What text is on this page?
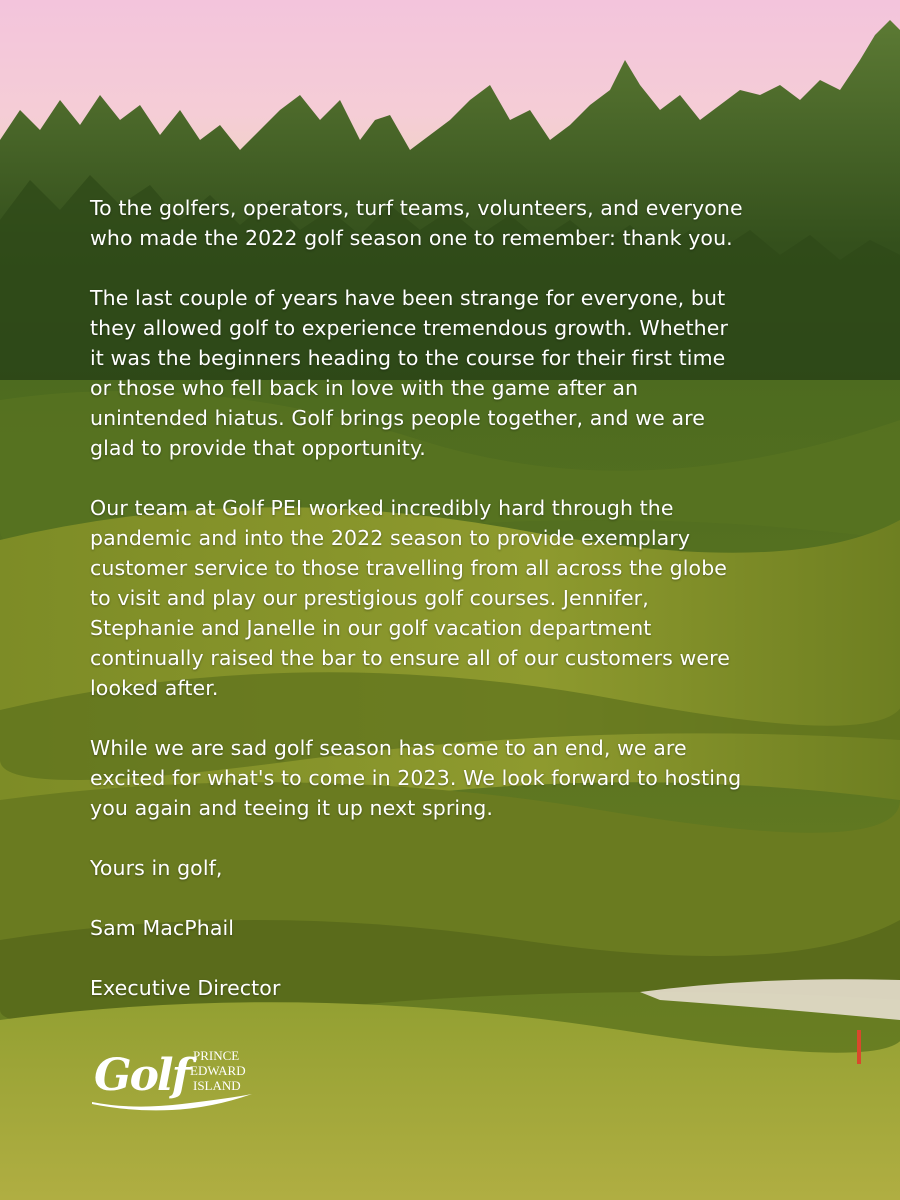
To the golfers, operators, turf teams, volunteers, and everyone
who made the 2022 golf season one to remember: thank you.

The last couple of years have been strange for everyone, but
they allowed golf to experience tremendous growth. Whether
it was the beginners heading to the course for their first time
or those who fell back in love with the game after an
unintended hiatus. Golf brings people together, and we are
glad to provide that opportunity.

Our team at Golf PEI worked incredibly hard through the
pandemic and into the 2022 season to provide exemplary
customer service to those travelling from all across the globe
to visit and play our prestigious golf courses. Jennifer,
Stephanie and Janelle in our golf vacation department
continually raised the bar to ensure all of our customers were
looked after.

While we are sad golf season has come to an end, we are
excited for what's to come in 2023. We look forward to hosting
you again and teeing it up next spring.

Yours in golf,

Sam MacPhail

Executive Director

Golf PRINCE
EDWARD
ISLAND
